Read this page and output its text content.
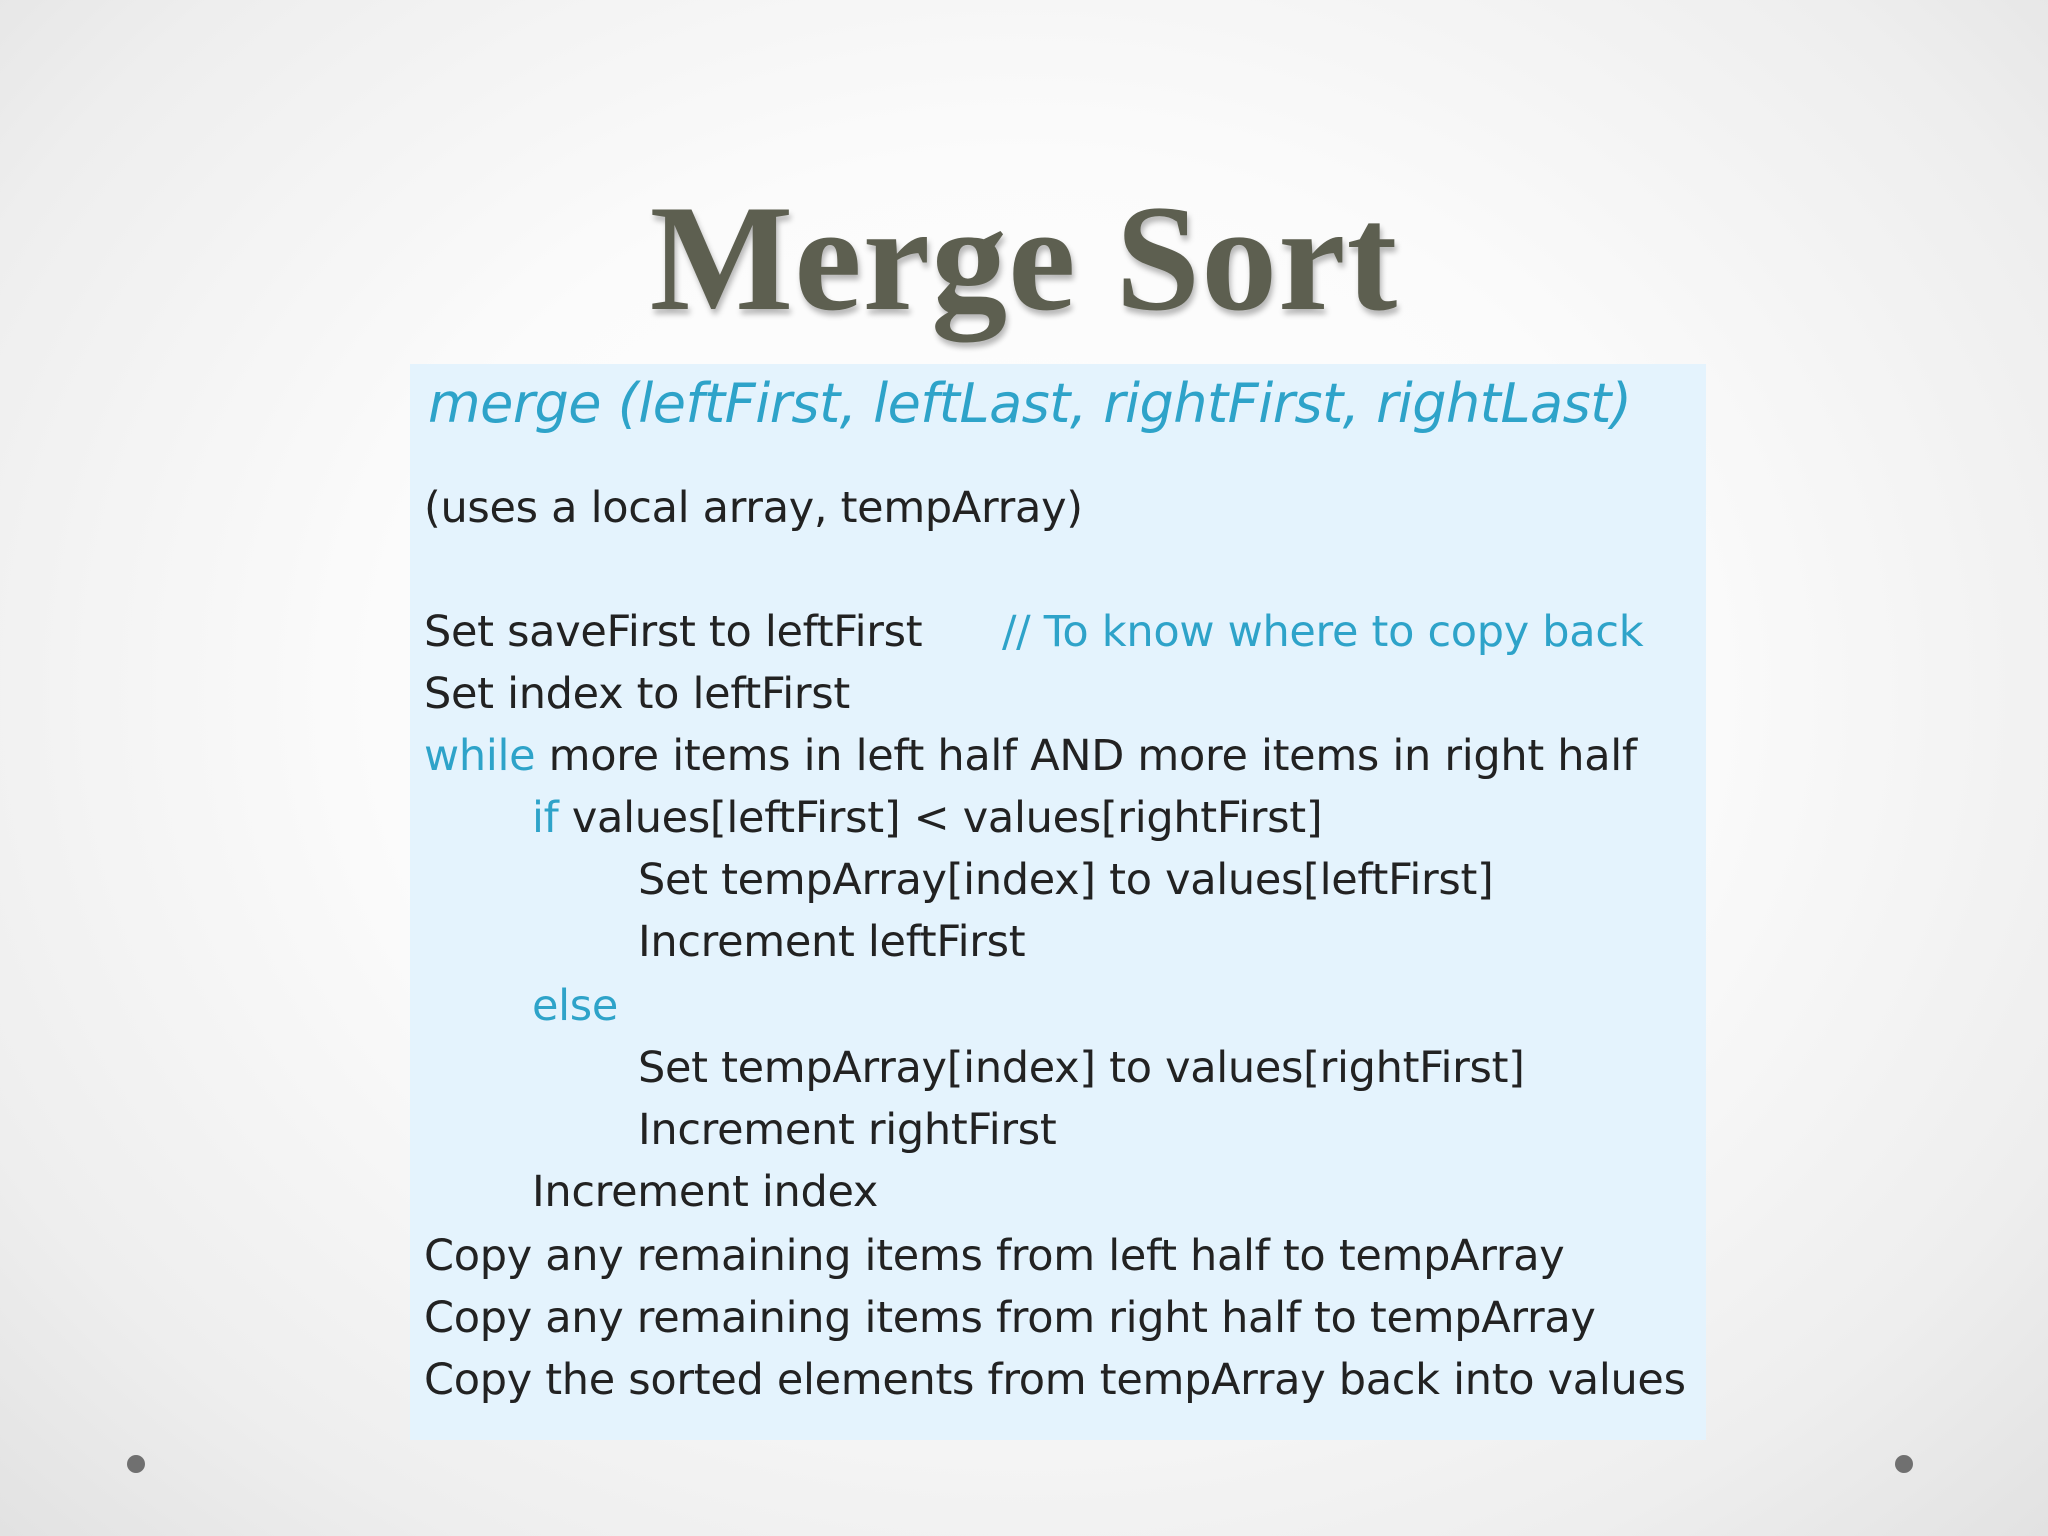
Merge Sort
merge (leftFirst, leftLast, rightFirst, rightLast)
(uses a local array, tempArray)
Set saveFirst to leftFirst // To know where to copy back
Set index to leftFirst
while more items in left half AND more items in right half
if values[leftFirst] < values[rightFirst]
Set tempArray[index] to values[leftFirst]
Increment leftFirst
else
Set tempArray[index] to values[rightFirst]
Increment rightFirst
Increment index
Copy any remaining items from left half to tempArray
Copy any remaining items from right half to tempArray
Copy the sorted elements from tempArray back into values
